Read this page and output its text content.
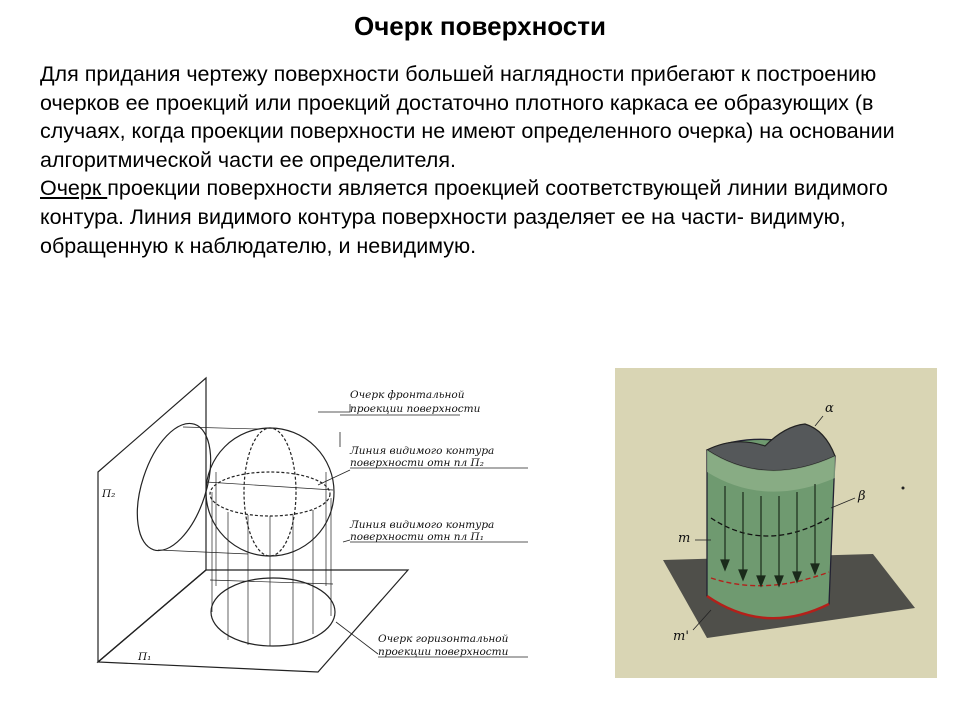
Очерк поверхности

Для придания чертежу поверхности большей наглядности прибегают к построению очерков ее проекций или проекций достаточно плотного каркаса ее образующих (в случаях, когда проекции поверхности не имеют определенного очерка) на основании алгоритмической части ее определителя.

Очерк проекции поверхности является проекцией соответствующей линии видимого контура. Линия видимого контура поверхности разделяет ее на части- видимую, обращенную к наблюдателю, и невидимую.

П₂
П₁
Очерк фронтальной
проекции поверхности
Линия видимого контура
поверхности отн пл П₂
Линия видимого контура
поверхности отн пл П₁
Очерк горизонтальной
проекции поверхности
α
β
m
m'
